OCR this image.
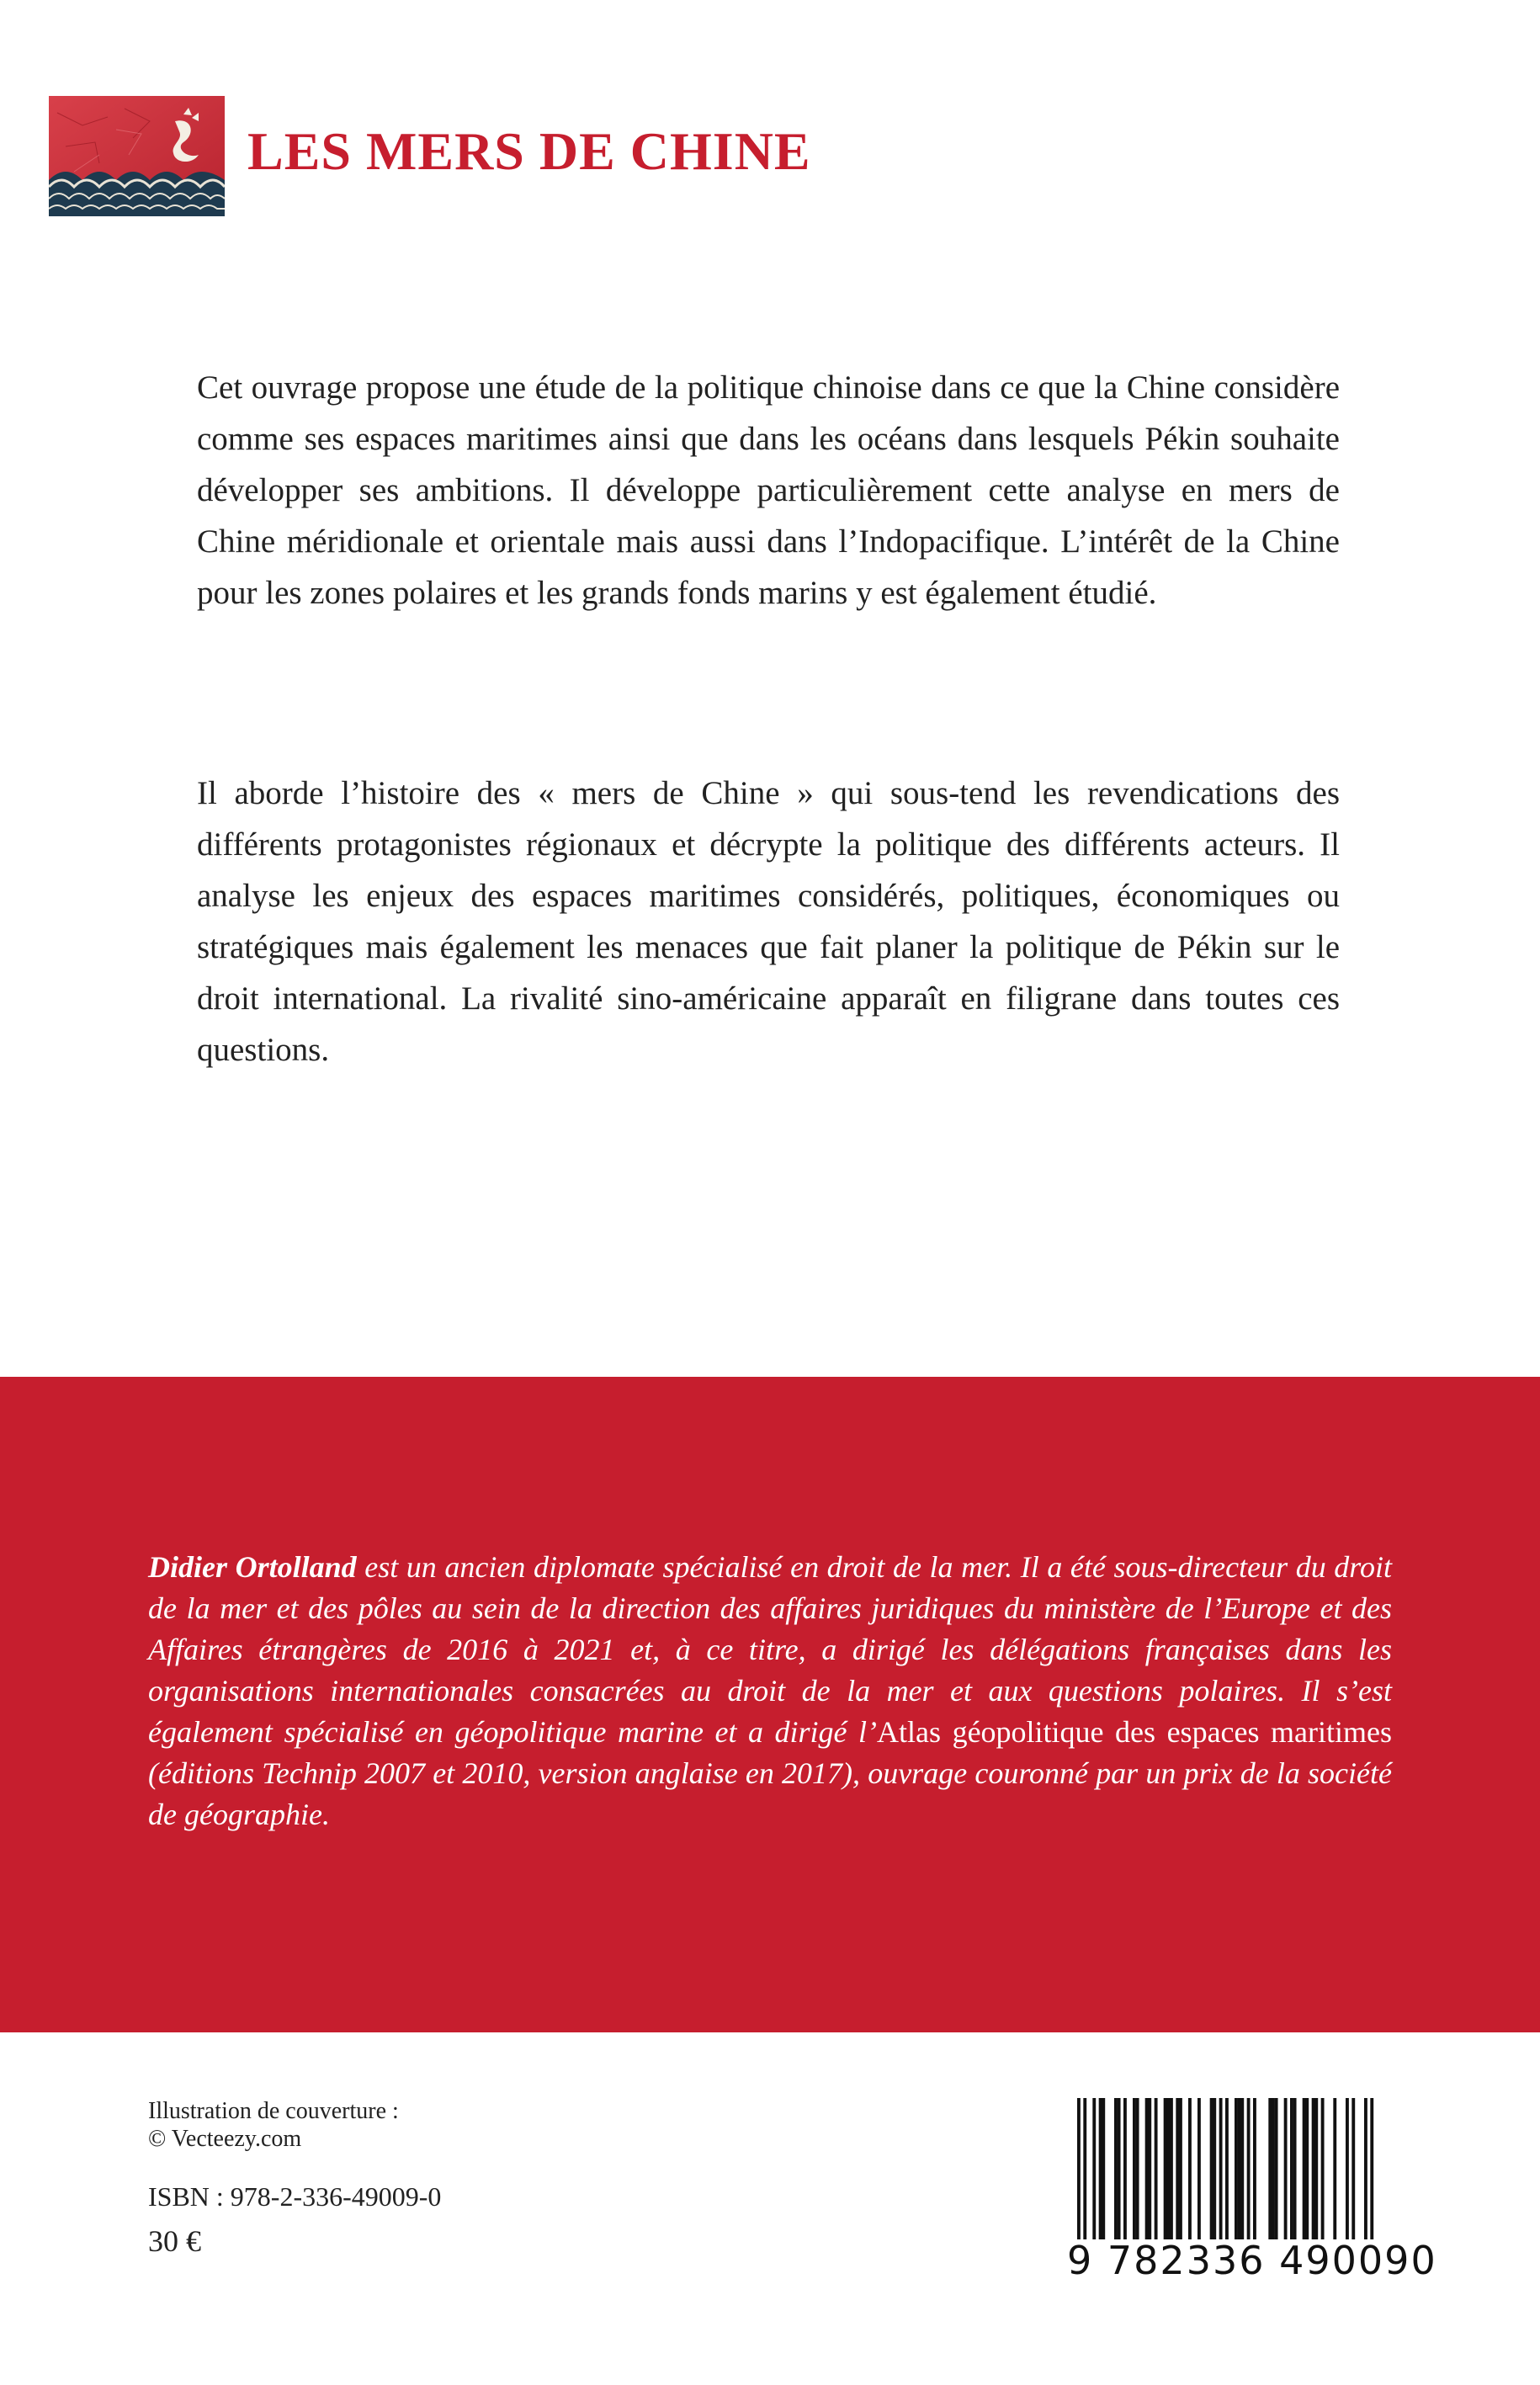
LES MERS DE CHINE

Cet ouvrage propose une étude de la politique chinoise dans ce que la Chine considère comme ses espaces maritimes ainsi que dans les océans dans lesquels Pékin souhaite développer ses ambitions. Il développe particulièrement cette analyse en mers de Chine méridionale et orientale mais aussi dans l’Indopacifique. L’intérêt de la Chine pour les zones polaires et les grands fonds marins y est également étudié.

Il aborde l’histoire des « mers de Chine » qui sous-tend les revendications des différents protagonistes régionaux et décrypte la politique des différents acteurs. Il analyse les enjeux des espaces maritimes considérés, politiques, économiques ou stratégiques mais également les menaces que fait planer la politique de Pékin sur le droit international. La rivalité sino-américaine apparaît en filigrane dans toutes ces questions.

Didier Ortolland est un ancien diplomate spécialisé en droit de la mer. Il a été sous-directeur du droit de la mer et des pôles au sein de la direction des affaires juridiques du ministère de l’Europe et des Affaires étrangères de 2016 à 2021 et, à ce titre, a dirigé les délégations françaises dans les organisations internationales consacrées au droit de la mer et aux questions polaires. Il s’est également spécialisé en géopolitique marine et a dirigé l’Atlas géopolitique des espaces maritimes (éditions Technip 2007 et 2010, version anglaise en 2017), ouvrage couronné par un prix de la société de géographie.

Illustration de couverture :
© Vecteezy.com
ISBN : 978-2-336-49009-0
30 €	9 782336 490090
